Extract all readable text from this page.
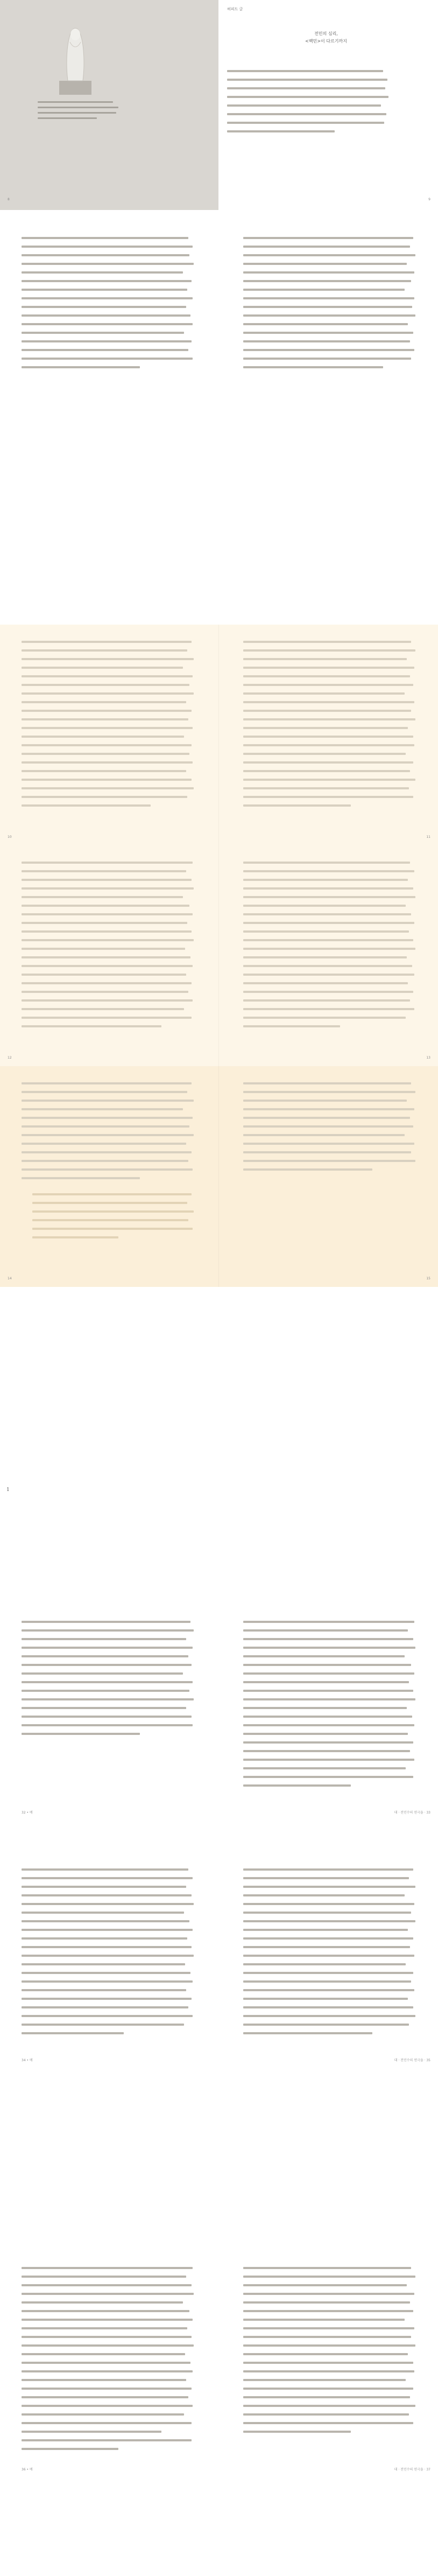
8
허피드 글
전민의 심리,
<백민>이 다르기까지
9
10	11
12	13
14	15
1
32 • 메	대 · 전민수의 연극을 · 33
34 • 메	대 · 전민수의 연극을 · 35
36 • 메	대 · 전민수의 연극을 · 37
